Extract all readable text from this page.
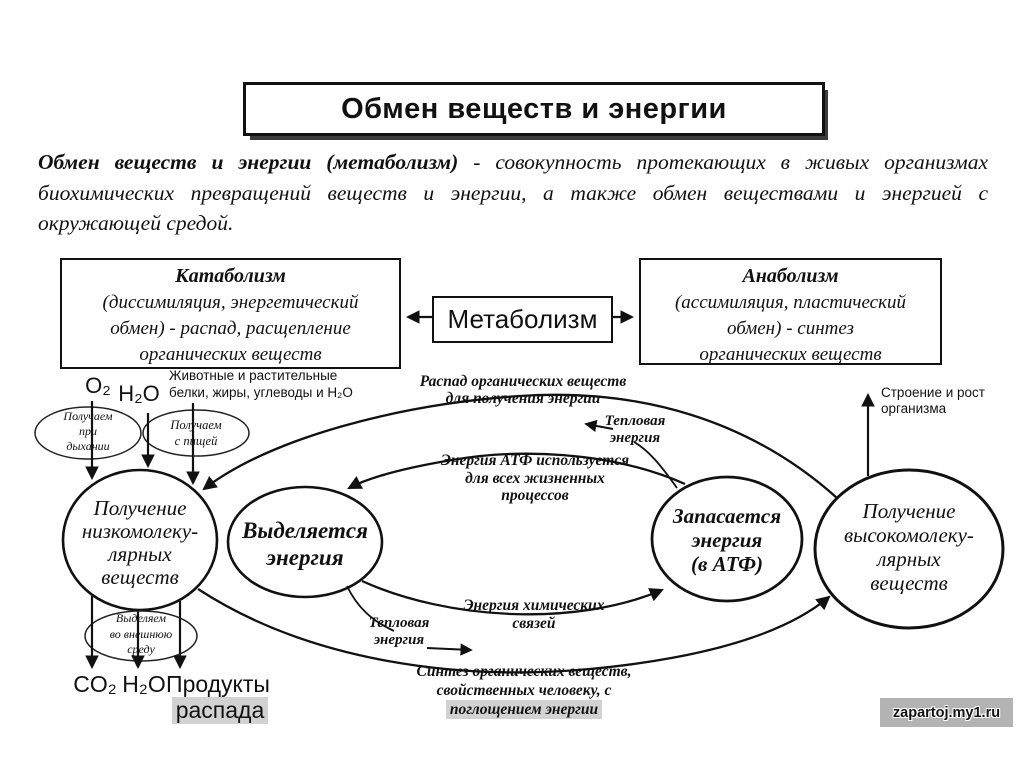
Обмен веществ и энергии
Обмен веществ и энергии (метаболизм) - совокупность протекающих в живых организмах биохимических превращений веществ и энергии, а также обмен веществами и энергией с окружающей средой.
Катаболизм
(диссимиляция, энергетический
обмен) - распад, расщепление
органических веществ
Метаболизм
Анаболизм
(ассимиляция, пластический
обмен) - синтез
органических веществ
O₂ H₂O
Животные и растительные
белки, жиры, углеводы и H₂O
Получаем
при
дыхании
Получаем
с пищей
Получение
низкомолеку-
лярных
веществ
Выделяется
энергия
Запасается
энергия
(в АТФ)
Получение
высокомолеку-
лярных
веществ
Распад органических веществ
для получения энергии
Тепловая
энергия
Энергия АТФ используется
для всех жизненных
процессов
Энергия химических
связей
Тепловая
энергия
Синтез органических веществ,
свойственных человеку, с
поглощением энергии
Строение и рост
организма
Выделяем
во внешнюю
среду
CO₂ H₂O Продукты
распада	zapartoj.my1.ru
